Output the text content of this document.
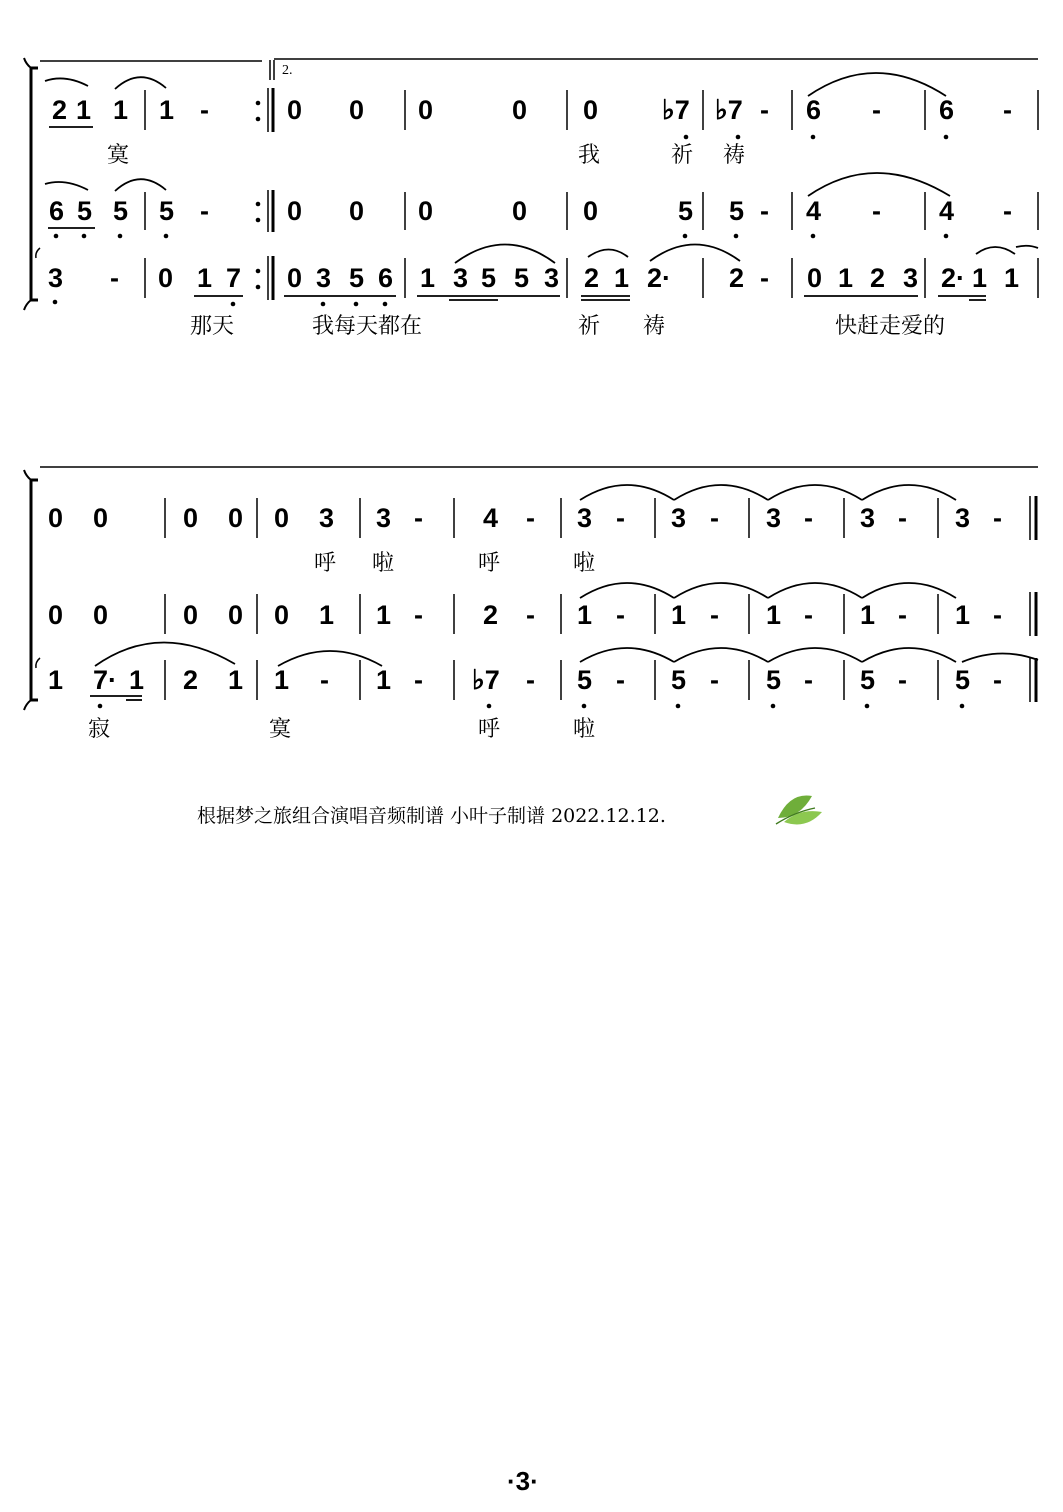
2.
根据梦之旅组合演唱音频制谱 小叶子制谱 2022.12.12.
·3·
2 1 1 1 -	0 0 0	0 0 ♭7 ♭7 - 6 - 6 -
寞	我	祈 祷
6 5 5 5 -	0 0 0	0 0	5 5 - 4 - 4 -
3 - 0 1 7 0 3 5 6 1 3 5 5 3 2 1 2· 2 - 0 1 2 3 2· 1 1
那天	我每天都在	祈 祷	快赶走爱的
0 0	0 0 0 3 3 - 4 - 3 - 3 - 3 - 3 - 3 -
呼 啦	呼	啦
0 0	0 0 0 1 1 - 2 - 1 - 1 - 1 - 1 - 1 -
1 7· 1 2 1 1 - 1 - ♭7 - 5 - 5 - 5 - 5 - 5 -
寂	寞	呼	啦
